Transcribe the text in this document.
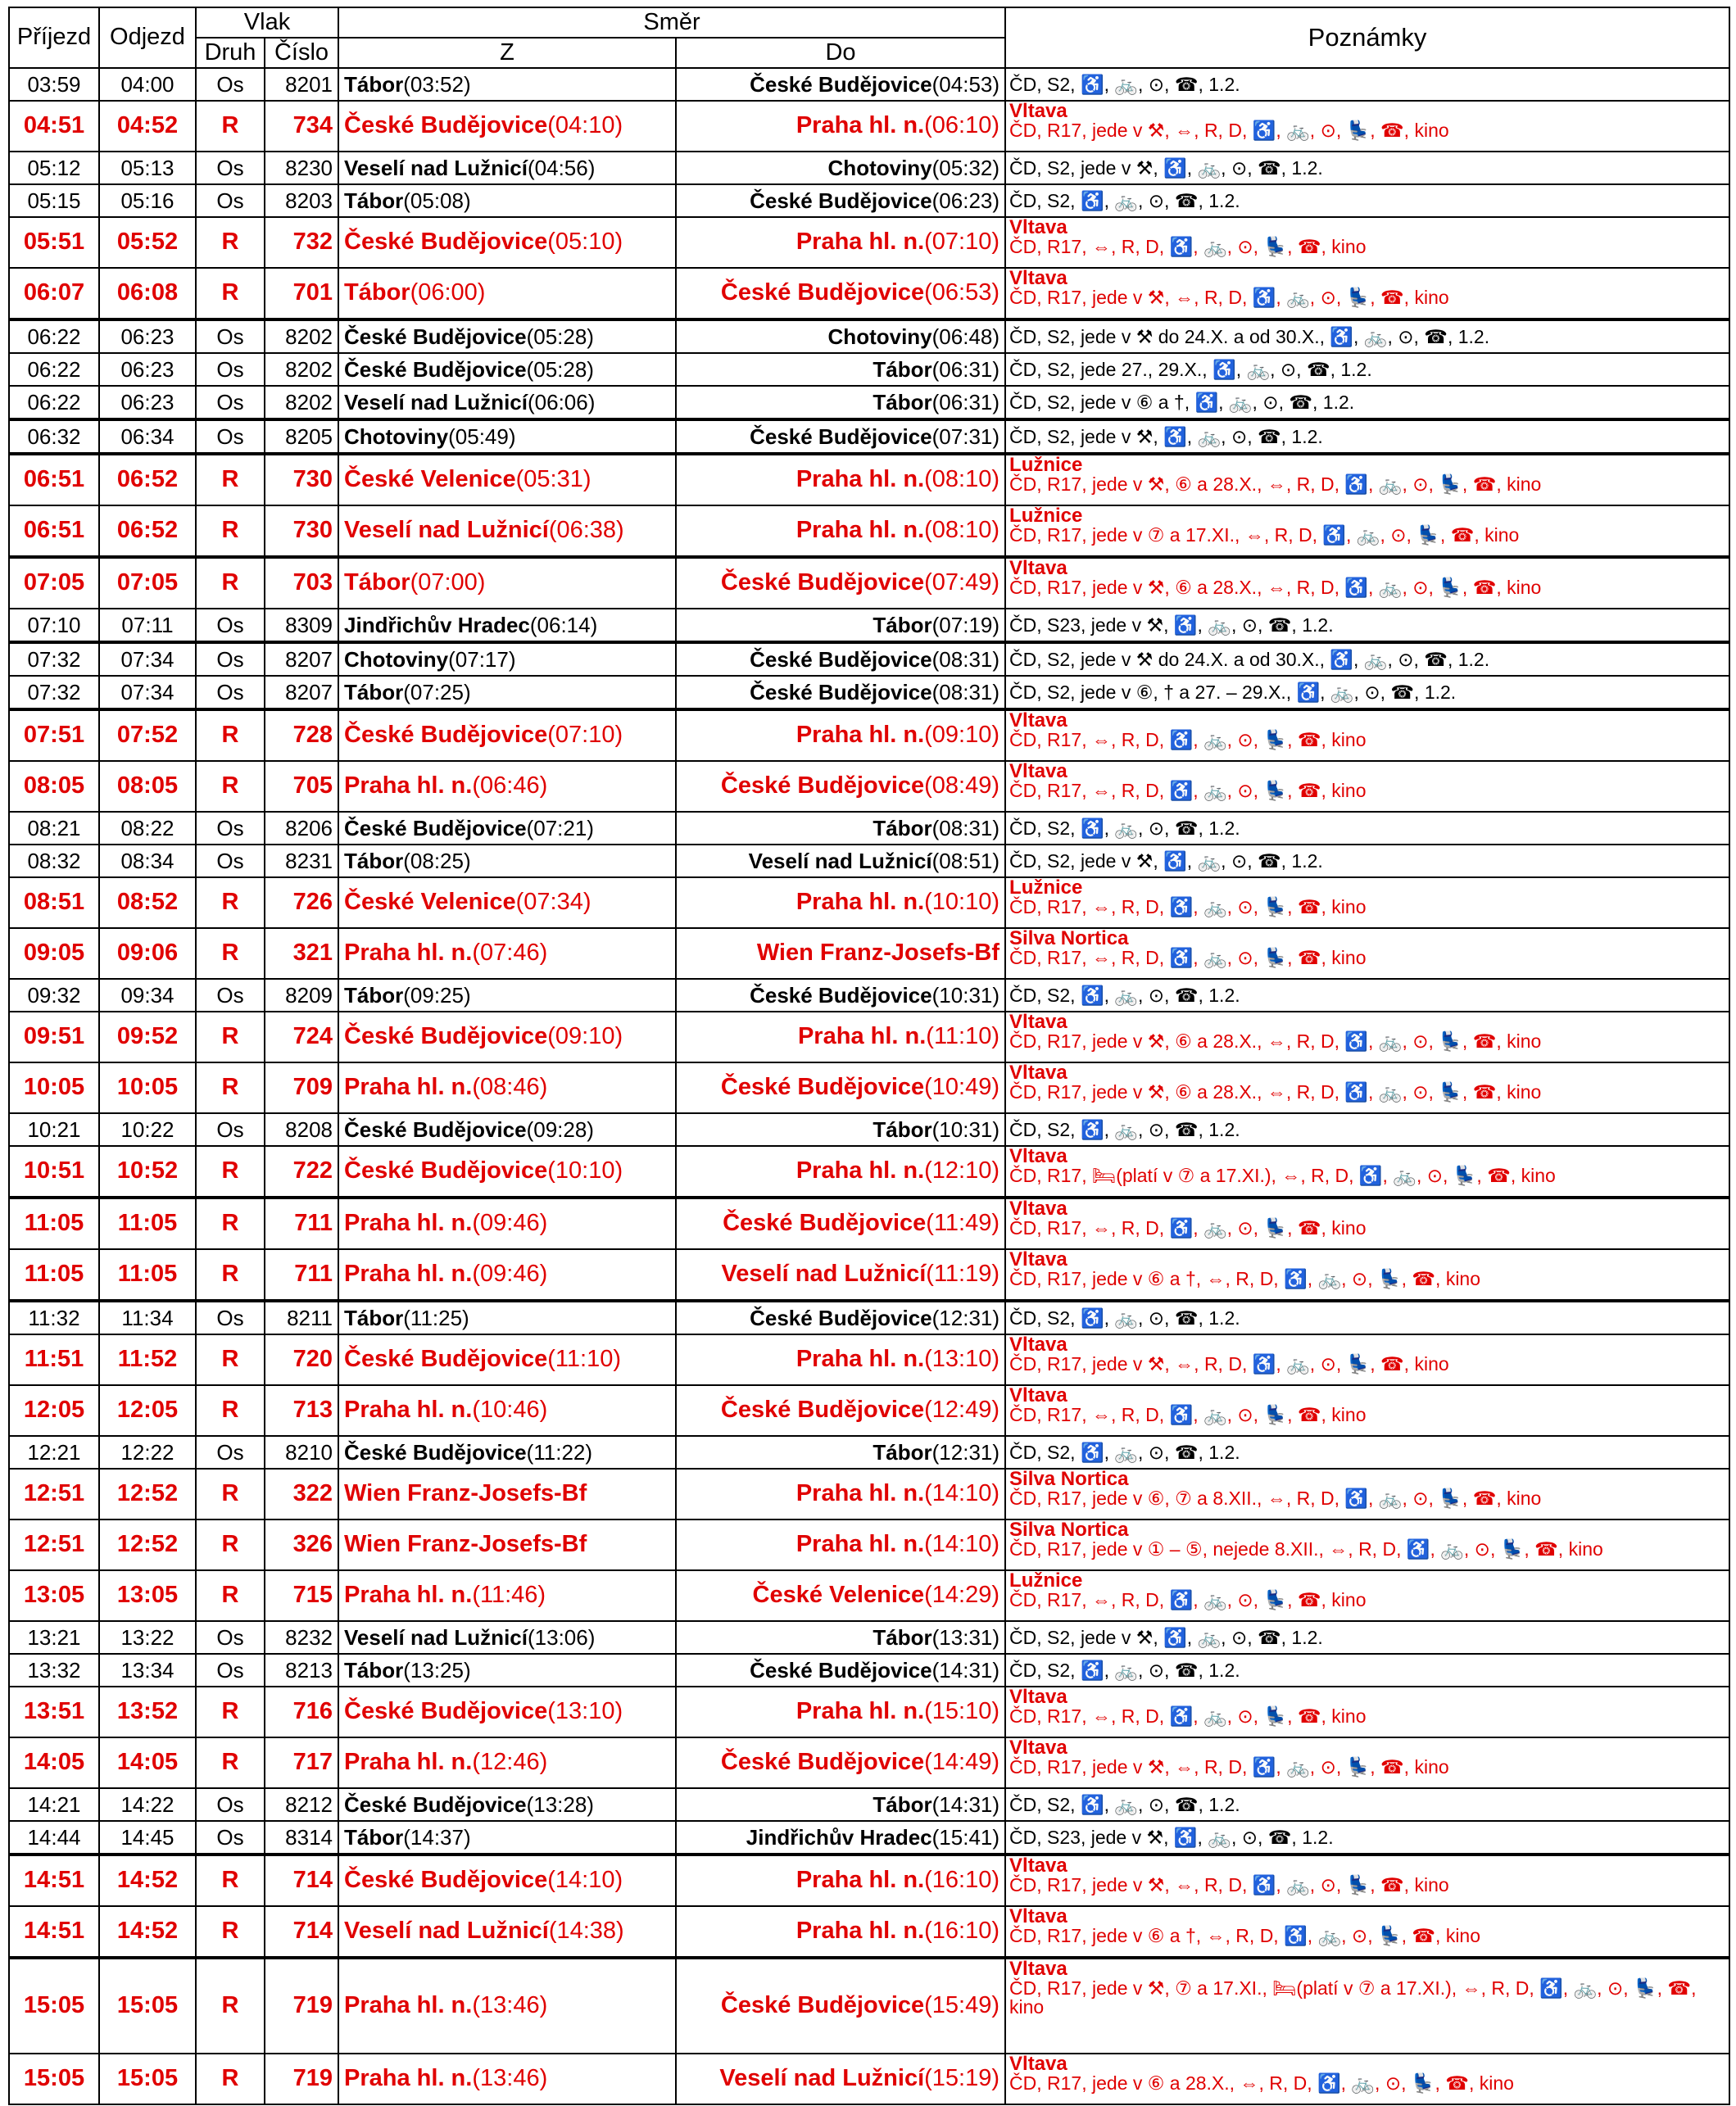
Příjezd	Odjezd	Vlak		Směr		Poznámky
		Druh	Číslo	Z	Do	
03:59	04:00	Os	8201	Tábor(03:52)	České Budějovice(04:53)	ČD, S2, ♿, 🚲, ⊙, ☎, 1.2.

04:51	04:52	R	734	České Budějovice(04:10)	Praha hl. n.(06:10)	Vltava
ČD, R17, jede v ⚒, ⇔, R, D, ♿, 🚲, ⊙, 💺, ☎, kino

05:12	05:13	Os	8230	Veselí nad Lužnicí(04:56)	Chotoviny(05:32)	ČD, S2, jede v ⚒, ♿, 🚲, ⊙, ☎, 1.2.

05:15	05:16	Os	8203	Tábor(05:08)	České Budějovice(06:23)	ČD, S2, ♿, 🚲, ⊙, ☎, 1.2.

05:51	05:52	R	732	České Budějovice(05:10)	Praha hl. n.(07:10)	Vltava
ČD, R17, ⇔, R, D, ♿, 🚲, ⊙, 💺, ☎, kino

06:07	06:08	R	701	Tábor(06:00)	České Budějovice(06:53)	Vltava
ČD, R17, jede v ⚒, ⇔, R, D, ♿, 🚲, ⊙, 💺, ☎, kino

06:22	06:23	Os	8202	České Budějovice(05:28)	Chotoviny(06:48)	ČD, S2, jede v ⚒ do 24.X. a od 30.X., ♿, 🚲, ⊙, ☎, 1.2.

06:22	06:23	Os	8202	České Budějovice(05:28)	Tábor(06:31)	ČD, S2, jede 27., 29.X., ♿, 🚲, ⊙, ☎, 1.2.

06:22	06:23	Os	8202	Veselí nad Lužnicí(06:06)	Tábor(06:31)	ČD, S2, jede v ⑥ a †, ♿, 🚲, ⊙, ☎, 1.2.

06:32	06:34	Os	8205	Chotoviny(05:49)	České Budějovice(07:31)	ČD, S2, jede v ⚒, ♿, 🚲, ⊙, ☎, 1.2.

06:51	06:52	R	730	České Velenice(05:31)	Praha hl. n.(08:10)	Lužnice
ČD, R17, jede v ⚒, ⑥ a 28.X., ⇔, R, D, ♿, 🚲, ⊙, 💺, ☎, kino

06:51	06:52	R	730	Veselí nad Lužnicí(06:38)	Praha hl. n.(08:10)	Lužnice
ČD, R17, jede v ⑦ a 17.XI., ⇔, R, D, ♿, 🚲, ⊙, 💺, ☎, kino

07:05	07:05	R	703	Tábor(07:00)	České Budějovice(07:49)	Vltava
ČD, R17, jede v ⚒, ⑥ a 28.X., ⇔, R, D, ♿, 🚲, ⊙, 💺, ☎, kino

07:10	07:11	Os	8309	Jindřichův Hradec(06:14)	Tábor(07:19)	ČD, S23, jede v ⚒, ♿, 🚲, ⊙, ☎, 1.2.

07:32	07:34	Os	8207	Chotoviny(07:17)	České Budějovice(08:31)	ČD, S2, jede v ⚒ do 24.X. a od 30.X., ♿, 🚲, ⊙, ☎, 1.2.

07:32	07:34	Os	8207	Tábor(07:25)	České Budějovice(08:31)	ČD, S2, jede v ⑥, † a 27. – 29.X., ♿, 🚲, ⊙, ☎, 1.2.

07:51	07:52	R	728	České Budějovice(07:10)	Praha hl. n.(09:10)	Vltava
ČD, R17, ⇔, R, D, ♿, 🚲, ⊙, 💺, ☎, kino

08:05	08:05	R	705	Praha hl. n.(06:46)	České Budějovice(08:49)	Vltava
ČD, R17, ⇔, R, D, ♿, 🚲, ⊙, 💺, ☎, kino

08:21	08:22	Os	8206	České Budějovice(07:21)	Tábor(08:31)	ČD, S2, ♿, 🚲, ⊙, ☎, 1.2.

08:32	08:34	Os	8231	Tábor(08:25)	Veselí nad Lužnicí(08:51)	ČD, S2, jede v ⚒, ♿, 🚲, ⊙, ☎, 1.2.

08:51	08:52	R	726	České Velenice(07:34)	Praha hl. n.(10:10)	Lužnice
ČD, R17, ⇔, R, D, ♿, 🚲, ⊙, 💺, ☎, kino

09:05	09:06	R	321	Praha hl. n.(07:46)	Wien Franz-Josefs-Bf	Silva Nortica
ČD, R17, ⇔, R, D, ♿, 🚲, ⊙, 💺, ☎, kino

09:32	09:34	Os	8209	Tábor(09:25)	České Budějovice(10:31)	ČD, S2, ♿, 🚲, ⊙, ☎, 1.2.

09:51	09:52	R	724	České Budějovice(09:10)	Praha hl. n.(11:10)	Vltava
ČD, R17, jede v ⚒, ⑥ a 28.X., ⇔, R, D, ♿, 🚲, ⊙, 💺, ☎, kino

10:05	10:05	R	709	Praha hl. n.(08:46)	České Budějovice(10:49)	Vltava
ČD, R17, jede v ⚒, ⑥ a 28.X., ⇔, R, D, ♿, 🚲, ⊙, 💺, ☎, kino

10:21	10:22	Os	8208	České Budějovice(09:28)	Tábor(10:31)	ČD, S2, ♿, 🚲, ⊙, ☎, 1.2.

10:51	10:52	R	722	České Budějovice(10:10)	Praha hl. n.(12:10)	Vltava
ČD, R17, 🛏(platí v ⑦ a 17.XI.), ⇔, R, D, ♿, 🚲, ⊙, 💺, ☎, kino

11:05	11:05	R	711	Praha hl. n.(09:46)	České Budějovice(11:49)	Vltava
ČD, R17, ⇔, R, D, ♿, 🚲, ⊙, 💺, ☎, kino

11:05	11:05	R	711	Praha hl. n.(09:46)	Veselí nad Lužnicí(11:19)	Vltava
ČD, R17, jede v ⑥ a †, ⇔, R, D, ♿, 🚲, ⊙, 💺, ☎, kino

11:32	11:34	Os	8211	Tábor(11:25)	České Budějovice(12:31)	ČD, S2, ♿, 🚲, ⊙, ☎, 1.2.

11:51	11:52	R	720	České Budějovice(11:10)	Praha hl. n.(13:10)	Vltava
ČD, R17, jede v ⚒, ⇔, R, D, ♿, 🚲, ⊙, 💺, ☎, kino

12:05	12:05	R	713	Praha hl. n.(10:46)	České Budějovice(12:49)	Vltava
ČD, R17, ⇔, R, D, ♿, 🚲, ⊙, 💺, ☎, kino

12:21	12:22	Os	8210	České Budějovice(11:22)	Tábor(12:31)	ČD, S2, ♿, 🚲, ⊙, ☎, 1.2.

12:51	12:52	R	322	Wien Franz-Josefs-Bf	Praha hl. n.(14:10)	Silva Nortica
ČD, R17, jede v ⑥, ⑦ a 8.XII., ⇔, R, D, ♿, 🚲, ⊙, 💺, ☎, kino

12:51	12:52	R	326	Wien Franz-Josefs-Bf	Praha hl. n.(14:10)	Silva Nortica
ČD, R17, jede v ① – ⑤, nejede 8.XII., ⇔, R, D, ♿, 🚲, ⊙, 💺, ☎, kino

13:05	13:05	R	715	Praha hl. n.(11:46)	České Velenice(14:29)	Lužnice
ČD, R17, ⇔, R, D, ♿, 🚲, ⊙, 💺, ☎, kino

13:21	13:22	Os	8232	Veselí nad Lužnicí(13:06)	Tábor(13:31)	ČD, S2, jede v ⚒, ♿, 🚲, ⊙, ☎, 1.2.

13:32	13:34	Os	8213	Tábor(13:25)	České Budějovice(14:31)	ČD, S2, ♿, 🚲, ⊙, ☎, 1.2.

13:51	13:52	R	716	České Budějovice(13:10)	Praha hl. n.(15:10)	Vltava
ČD, R17, ⇔, R, D, ♿, 🚲, ⊙, 💺, ☎, kino

14:05	14:05	R	717	Praha hl. n.(12:46)	České Budějovice(14:49)	Vltava
ČD, R17, jede v ⚒, ⇔, R, D, ♿, 🚲, ⊙, 💺, ☎, kino

14:21	14:22	Os	8212	České Budějovice(13:28)	Tábor(14:31)	ČD, S2, ♿, 🚲, ⊙, ☎, 1.2.

14:44	14:45	Os	8314	Tábor(14:37)	Jindřichův Hradec(15:41)	ČD, S23, jede v ⚒, ♿, 🚲, ⊙, ☎, 1.2.

14:51	14:52	R	714	České Budějovice(14:10)	Praha hl. n.(16:10)	Vltava
ČD, R17, jede v ⚒, ⇔, R, D, ♿, 🚲, ⊙, 💺, ☎, kino

14:51	14:52	R	714	Veselí nad Lužnicí(14:38)	Praha hl. n.(16:10)	Vltava
ČD, R17, jede v ⑥ a †, ⇔, R, D, ♿, 🚲, ⊙, 💺, ☎, kino

15:05	15:05	R	719	Praha hl. n.(13:46)	České Budějovice(15:49)	Vltava
ČD, R17, jede v ⚒, ⑦ a 17.XI., 🛏(platí v ⑦ a 17.XI.), ⇔, R, D, ♿, 🚲, ⊙, 💺, ☎, kino

15:05	15:05	R	719	Praha hl. n.(13:46)	Veselí nad Lužnicí(15:19)	Vltava
ČD, R17, jede v ⑥ a 28.X., ⇔, R, D, ♿, 🚲, ⊙, 💺, ☎, kino
